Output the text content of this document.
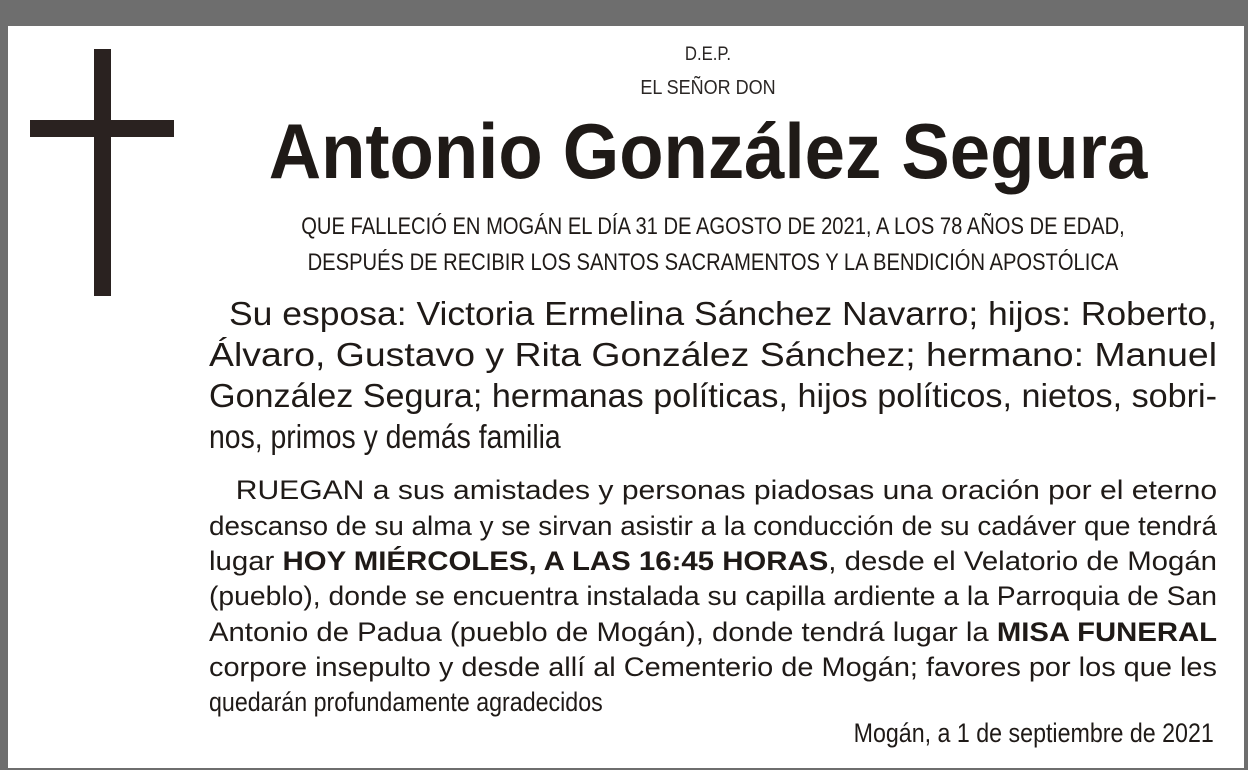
D.E.P.
EL SEÑOR DON
Antonio González Segura
QUE FALLECIÓ EN MOGÁN EL DÍA 31 DE AGOSTO DE 2021, A LOS 78 AÑOS DE EDAD,
DESPUÉS DE RECIBIR LOS SANTOS SACRAMENTOS Y LA BENDICIÓN APOSTÓLICA
Su esposa: Victoria Ermelina Sánchez Navarro; hijos: Roberto,
Álvaro, Gustavo y Rita González Sánchez; hermano: Manuel
González Segura; hermanas políticas, hijos políticos, nietos, sobri-
nos, primos y demás familia
RUEGAN a sus amistades y personas piadosas una oración por el eterno
descanso de su alma y se sirvan asistir a la conducción de su cadáver que tendrá
lugar HOY MIÉRCOLES, A LAS 16:45 HORAS, desde el Velatorio de Mogán
(pueblo), donde se encuentra instalada su capilla ardiente a la Parroquia de San
Antonio de Padua (pueblo de Mogán), donde tendrá lugar la MISA FUNERAL
corpore insepulto y desde allí al Cementerio de Mogán; favores por los que les
quedarán profundamente agradecidos
Mogán, a 1 de septiembre de 2021
